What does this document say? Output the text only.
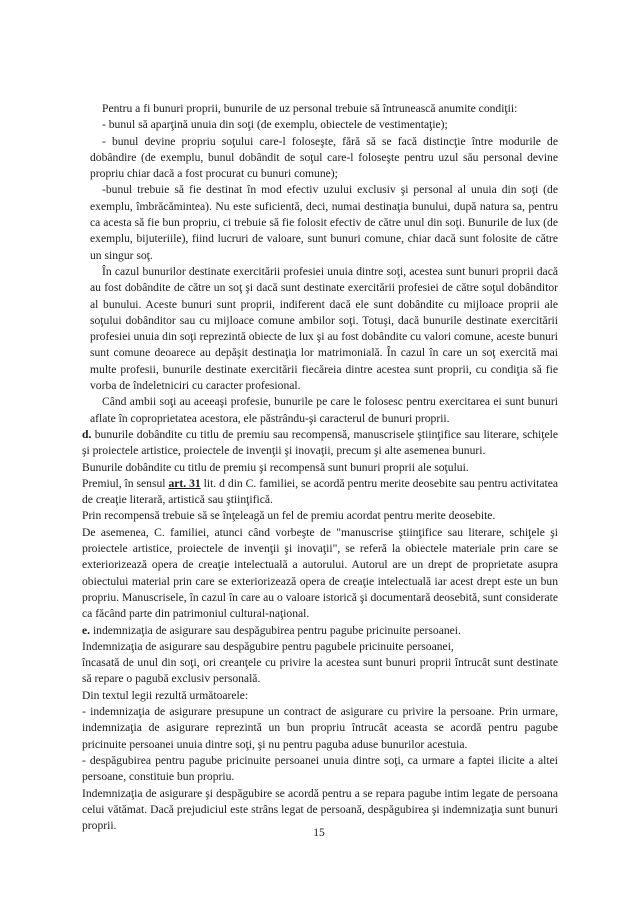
Pentru a fi bunuri proprii, bunurile de uz personal trebuie să întrunească anumite condiţii:

- bunul să aparţină unuia din soţi (de exemplu, obiectele de vestimentaţie);

- bunul devine propriu soţului care-l foloseşte, fără să se facă distincţie între modurile de dobândire (de exemplu, bunul dobândit de soţul care-l foloseşte pentru uzul său personal devine propriu chiar dacă a fost procurat cu bunuri comune);

-bunul trebuie să fie destinat în mod efectiv uzului exclusiv şi personal al unuia din soţi (de exemplu, îmbrăcămintea). Nu este suficientă, deci, numai destinaţia bunului, după natura sa, pentru ca acesta să fie bun propriu, ci trebuie să fie folosit efectiv de către unul din soţi. Bunurile de lux (de exemplu, bijuteriile), fiind lucruri de valoare, sunt bunuri comune, chiar dacă sunt folosite de către un singur soţ.

În cazul bunurilor destinate exercitării profesiei unuia dintre soţi, acestea sunt bunuri proprii dacă au fost dobândite de către un soţ şi dacă sunt destinate exercitării profesiei de către soţul dobânditor al bunului. Aceste bunuri sunt proprii, indiferent dacă ele sunt dobândite cu mijloace proprii ale soţului dobânditor sau cu mijloace comune ambilor soţi. Totuşi, dacă bunurile destinate exercitării profesiei unuia din soţi reprezintă obiecte de lux şi au fost dobândite cu valori comune, aceste bunuri sunt comune deoarece au depăşit destinaţia lor matrimonială. În cazul în care un soţ exercită mai multe profesii, bunurile destinate exercitării fiecăreia dintre acestea sunt proprii, cu condiţia să fie vorba de îndeletniciri cu caracter profesional.

Când ambii soţi au aceeaşi profesie, bunurile pe care le folosesc pentru exercitarea ei sunt bunuri aflate în coproprietatea acestora, ele păstrându-şi caracterul de bunuri proprii.

d. bunurile dobândite cu titlu de premiu sau recompensă, manuscrisele ştiinţifice sau literare, schiţele şi proiectele artistice, proiectele de invenţii şi inovaţii, precum şi alte asemenea bunuri.

Bunurile dobândite cu titlu de premiu şi recompensă sunt bunuri proprii ale soţului.

Premiul, în sensul art. 31 lit. d din C. familiei, se acordă pentru merite deosebite sau pentru activitatea de creaţie literară, artistică sau ştiinţifică.

Prin recompensă trebuie să se înţeleagă un fel de premiu acordat pentru merite deosebite.

De asemenea, C. familiei, atunci când vorbeşte de "manuscrise ştiinţifice sau literare, schiţele şi proiectele artistice, proiectele de invenţii şi inovaţii", se referă la obiectele materiale prin care se exteriorizează opera de creaţie intelectuală a autorului. Autorul are un drept de proprietate asupra obiectului material prin care se exteriorizează opera de creaţie intelectuală iar acest drept este un bun propriu. Manuscrisele, în cazul în care au o valoare istorică şi documentară deosebită, sunt considerate ca făcând parte din patrimoniul cultural-naţional.

e. indemnizaţia de asigurare sau despăgubirea pentru pagube pricinuite persoanei.

Indemnizaţia de asigurare sau despăgubire pentru pagubele pricinuite persoanei,

încasată de unul din soţi, ori creanţele cu privire la acestea sunt bunuri proprii întrucât sunt destinate să repare o pagubă exclusiv personală.

Din textul legii rezultă următoarele:

- indemnizaţia de asigurare presupune un contract de asigurare cu privire la persoane. Prin urmare, indemnizaţia de asigurare reprezintă un bun propriu întrucât aceasta se acordă pentru pagube pricinuite persoanei unuia dintre soţi, şi nu pentru paguba aduse bunurilor acestuia.

- despăgubirea pentru pagube pricinuite persoanei unuia dintre soţi, ca urmare a faptei ilicite a altei persoane, constituie bun propriu.

Indemnizaţia de asigurare şi despăgubire se acordă pentru a se repara pagube intim legate de persoana celui vătămat. Dacă prejudiciul este strâns legat de persoană, despăgubirea şi indemnizaţia sunt bunuri proprii.

15
